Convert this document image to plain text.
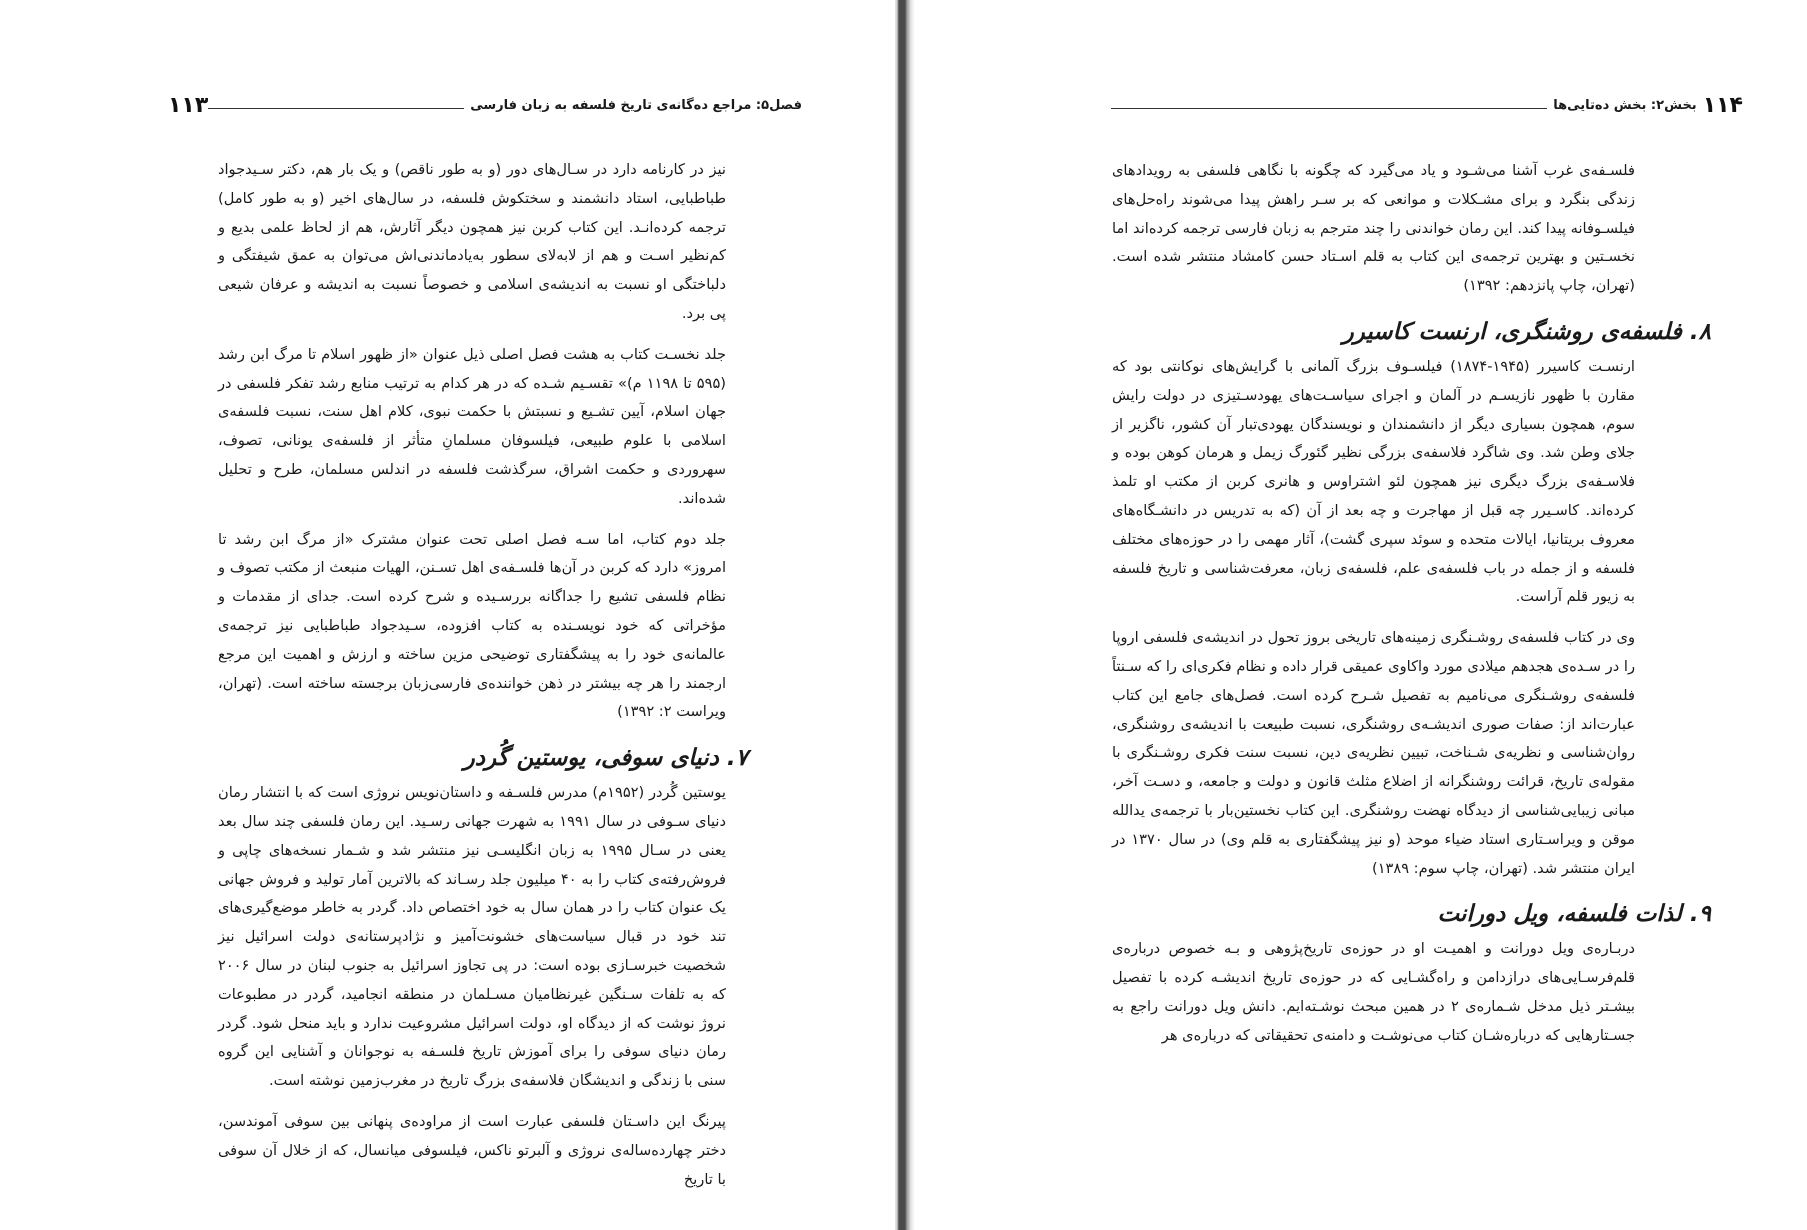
۱۱۳	فصل۵: مراجع ده‌گانه‌ی تاریخ فلسفه به زبان فارسی

نیز در کارنامه دارد در سـال‌های دور (و به طور ناقص) و یک بار هم، دکتر سـیدجواد طباطبایی، استاد دانشمند و سختکوش فلسفه، در سال‌های اخیر (و به طور کامل) ترجمه کرده‌انـد. این کتاب کربن نیز همچون دیگر آثارش، هم از لحاظ علمی بدیع و کم‌نظیر اسـت و هم از لابه‌لای سطور به‌یادماندنی‌اش می‌توان به عمق شیفتگی و دلباختگی او نسبت به اندیشه‌ی اسلامی و خصوصاً نسبت به اندیشه و عرفان شیعی پی برد.

جلد نخسـت کتاب به هشت فصل اصلی ذیل عنوان «از ظهور اسلام تا مرگ ابن رشد (۵۹۵ تا ۱۱۹۸ م)» تقسـیم شـده که در هر کدام به ترتیب منابع رشد تفکر فلسفی در جهان اسلام، آیین تشـیع و نسبتش با حکمت نبوی، کلام اهل سنت، نسبت فلسفه‌ی اسلامی با علوم طبیعی، فیلسوفان مسلمانِ متأثر از فلسفه‌ی یونانی، تصوف، سهروردی و حکمت اشراق، سرگذشت فلسفه در اندلس مسلمان، طرح و تحلیل شده‌اند.

جلد دوم کتاب، اما سـه فصل اصلی تحت عنوان مشترک «از مرگ ابن رشد تا امروز» دارد که کربن در آن‌ها فلسـفه‌ی اهل تسـنن، الهیات منبعث از مکتب تصوف و نظام فلسفی تشیع را جداگانه بررسـیده و شرح کرده است. جدای از مقدمات و مؤخراتی که خود نویسـنده به کتاب افزوده، سـیدجواد طباطبایی نیز ترجمه‌ی عالمانه‌ی خود را به پیشگفتاری توضیحی مزین ساخته و ارزش و اهمیت این مرجع ارجمند را هر چه بیشتر در ذهن خواننده‌ی فارسی‌زبان برجسته ساخته است. (تهران، ویراست ۲: ۱۳۹۲)

۷. دنیای سوفی، یوستین گُردر

یوستین گُردر (۱۹۵۲م) مدرس فلسـفه و داستان‌نویس نروژی است که با انتشار رمان دنیای سـوفی در سال ۱۹۹۱ به شهرت جهانی رسـید. این رمان فلسفی چند سال بعد یعنی در سـال ۱۹۹۵ به زبان انگلیسـی نیز منتشر شد و شـمار نسخه‌های چاپی و فروش‌رفته‌ی کتاب را به ۴۰ میلیون جلد رسـاند که بالاترین آمار تولید و فروش جهانی یک عنوان کتاب را در همان سال به خود اختصاص داد. گردر به خاطر موضع‌گیری‌های تند خود در قبال سیاست‌های خشونت‌آمیز و نژادپرستانه‌ی دولت اسرائیل نیز شخصیت خبرسـازی بوده است: در پی تجاوز اسرائیل به جنوب لبنان در سال ۲۰۰۶ که به تلفات سـنگین غیرنظامیان مسـلمان در منطقه انجامید، گردر در مطبوعات نروژ نوشت که از دیدگاه او، دولت اسرائیل مشروعیت ندارد و باید منحل شود. گردر رمان دنیای سوفی را برای آموزش تاریخ فلسـفه به نوجوانان و آشنایی این گروه سنی با زندگی و اندیشگان فلاسفه‌ی بزرگ تاریخ در مغرب‌زمین نوشته است.

پیرنگ این داسـتان فلسفی عبارت است از مراوده‌ی پنهانی بین سوفی آموندسن، دختر چهارده‌ساله‌ی نروژی و آلبرتو ناکس، فیلسوفی میانسال، که از خلال آن سوفی با تاریخ

۱۱۴
بخش۲: بخش ده‌تایی‌ها

فلسـفه‌ی غرب آشنا می‌شـود و یاد می‌گیرد که چگونه با نگاهی فلسفی به رویدادهای زندگی بنگرد و برای مشـکلات و موانعی که بر سـر راهش پیدا می‌شوند راه‌حل‌های فیلسـوفانه پیدا کند. این رمان خواندنی را چند مترجم به زبان فارسی ترجمه کرده‌اند اما نخسـتین و بهترین ترجمه‌ی این کتاب به قلم اسـتاد حسن کامشاد منتشر شده است. (تهران، چاپ پانزدهم: ۱۳۹۲)

۸. فلسفه‌ی روشنگری، ارنست کاسیرر

ارنسـت کاسیرر (۱۹۴۵-۱۸۷۴) فیلسـوف بزرگ آلمانی با گرایش‌های نوکانتی بود که مقارن با ظهور نازیسـم در آلمان و اجرای سیاسـت‌های یهودسـتیزی در دولت رایش سوم، همچون بسیاری دیگر از دانشمندان و نویسندگان یهودی‌تبار آن کشور، ناگزیر از جلای وطن شد. وی شاگرد فلاسفه‌ی بزرگی نظیر گئورگ زیمل و هرمان کوهن بوده و فلاسـفه‌ی بزرگ دیگری نیز همچون لئو اشتراوس و هانری کربن از مکتب او تلمذ کرده‌اند. کاسـیرر چه قبل از مهاجرت و چه بعد از آن (که به تدریس در دانشـگاه‌های معروف بریتانیا، ایالات متحده و سوئد سپری گشت)، آثار مهمی را در حوزه‌های مختلف فلسفه و از جمله در باب فلسفه‌ی علم، فلسفه‌ی زبان، معرفت‌شناسی و تاریخ فلسفه به زیور قلم آراست.

وی در کتاب فلسفه‌ی روشـنگری زمینه‌های تاریخی بروز تحول در اندیشه‌ی فلسفی اروپا را در سـده‌ی هجدهم میلادی مورد واکاوی عمیقی قرار داده و نظام فکری‌ای را که سـنتاً فلسفه‌ی روشـنگری می‌نامیم به تفصیل شـرح کرده است. فصل‌های جامع این کتاب عبارت‌اند از: صفات صوری اندیشـه‌ی روشنگری، نسبت طبیعت با اندیشه‌ی روشنگری، روان‌شناسی و نظریه‌ی شـناخت، تبیین نظریه‌ی دین، نسبت سنت فکری روشـنگری با مقوله‌ی تاریخ، قرائت روشنگرانه از اضلاع مثلث قانون و دولت و جامعه، و دسـت آخر، مبانی زیبایی‌شناسی از دیدگاه نهضت روشنگری. این کتاب نخستین‌بار با ترجمه‌ی یدالله موقن و ویراسـتاری استاد ضیاء موحد (و نیز پیشگفتاری به قلم وی) در سال ۱۳۷۰ در ایران منتشر شد. (تهران، چاپ سوم: ۱۳۸۹)

۹. لذات فلسفه، ویل دورانت

دربـاره‌ی ویل دورانت و اهمیـت او در حوزه‌ی تاریخ‌پژوهی و بـه خصوص درباره‌ی قلم‌فرسـایی‌های درازدامن و راه‌گشـایی که در حوزه‌ی تاریخ اندیشـه کرده با تفصیل بیشـتر ذیل مدخل شـماره‌ی ۲ در همین مبحث نوشـته‌ایم. دانش ویل دورانت راجع به جسـتارهایی که درباره‌شـان کتاب می‌نوشـت و دامنه‌ی تحقیقاتی که درباره‌ی هر
